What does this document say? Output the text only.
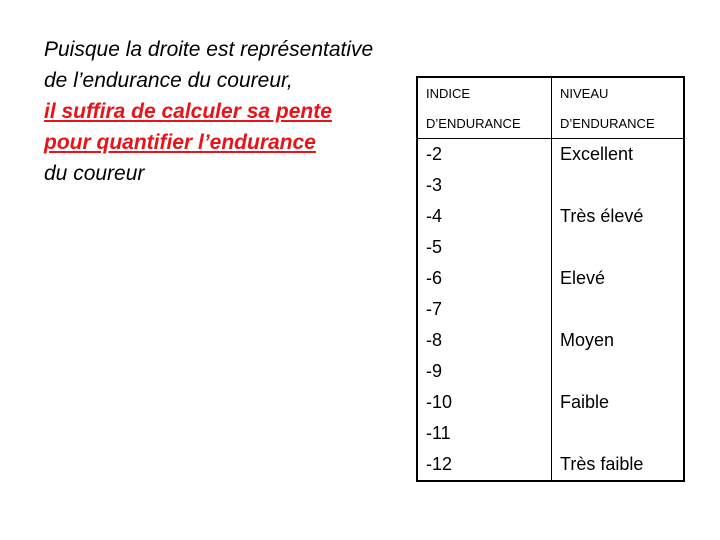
Puisque la droite est représentative
de l’endurance du coureur,
il suffira de calculer sa pente
pour quantifier l’endurance
du coureur
INDICE	NIVEAU
D’ENDURANCE	D’ENDURANCE
-2	Excellent
-3	
-4	Très élevé
-5	
-6	Elevé
-7	
-8	Moyen
-9	
-10	Faible
-11	
-12	Très faible
